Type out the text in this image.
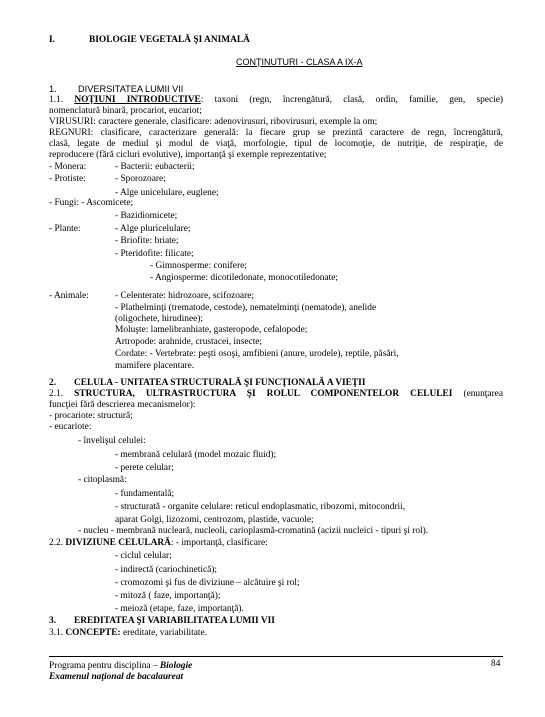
I.	BIOLOGIE VEGETALĂ ŞI ANIMALĂ
CONŢINUTURI - CLASA A IX-A
1. DIVERSITATEA LUMII VII
1.1. NOŢIUNI INTRODUCTIVE: taxoni (regn, încrengătură, clasă, ordin, familie, gen, specie)
nomenclatură binară, procariot, eucariot;
VIRUSURI: caractere generale, clasificare: adenovirusuri, ribovirusuri, exemple la om;
REGNURI: clasificare, caracterizare generală: la fiecare grup se prezintă caractere de regn, încrengătură,
clasă, legate de mediul şi modul de viaţă, morfologie, tipul de locomoţie, de nutriţie, de respiraţie, de
reproducere (fără cicluri evolutive), importanţă şi exemple reprezentative;
- Monera:	- Bacterii: eubacterii;
- Protiste:	- Sporozoare;
- Alge unicelulare, euglene;
- Fungi: - Ascomicete;
- Bazidiomicete;
- Plante:	- Alge pluricelulare;
- Briofite: briate;
- Pteridofite: filicate;
- Gimnosperme: conifere;
- Angiosperme: dicotiledonate, monocotiledonate;
- Animale:	- Celenterate: hidrozoare, scifozoare;
- Plathelminţi (trematode, cestode), nematelminţi (nematode), anelide
(oligochete, hirudinee);
Moluşte: lamelibranhiate, gasteropode, cefalopode;
Artropode: arahnide, crustacei, insecte;
Cordate: - Vertebrate: peşti osoşi, amfibieni (anure, urodele), reptile, păsări,
mamifere placentare.
2. CELULA - UNITATEA STRUCTURALĂ ŞI FUNCŢIONALĂ A VIEŢII
2.1. STRUCTURA, ULTRASTRUCTURA ŞI ROLUL COMPONENTELOR CELULEI (enunţarea
funcţiei fără descrierea mecanismelor):
- procariote: structură;
- eucariote:
- învelişul celulei:
- membrană celulară (model mozaic fluid);
- perete celular;
- citoplasmă:
- fundamentală;
- structurată - organite celulare: reticul endoplasmatic, ribozomi, mitocondrii,
aparat Golgi, lizozomi, centrozom, plastide, vacuole;
- nucleu - membrană nucleară, nucleoli, carioplasmă-cromatină (acizii nucleici - tipuri şi rol).
2.2. DIVIZIUNE CELULARĂ: - importanţă, clasificare:
- ciclul celular;
- indirectă (cariochinetică);
- cromozomi şi fus de diviziune – alcătuire şi rol;
- mitoză ( faze, importanţă);
- meioză (etape, faze, importanţă).
3. EREDITATEA ŞI VARIABILITATEA LUMII VII
3.1. CONCEPTE: ereditate, variabilitate.
Programa pentru disciplina – Biologie
Examenul naţional de bacalaureat
84
